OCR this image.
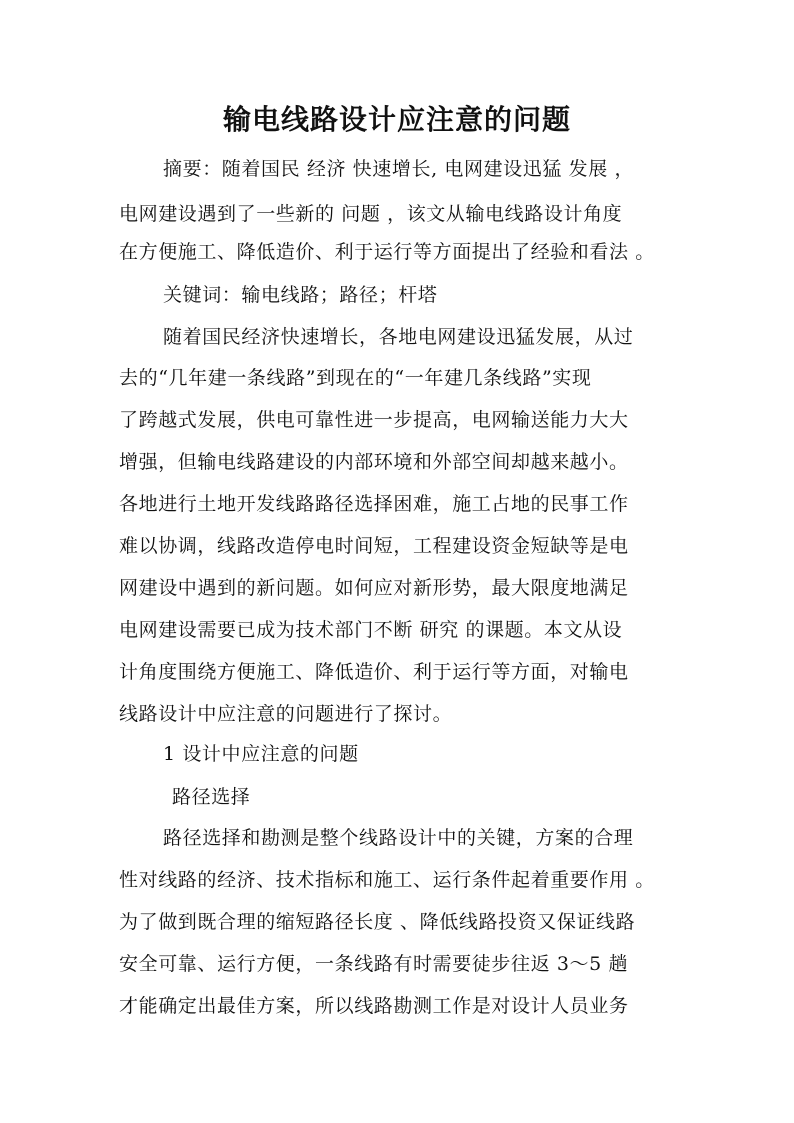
输电线路设计应注意的问题
摘要：随着国民 经济 快速增长, 电网建设迅猛 发展 ，
电网建设遇到了一些新的 问题 ，该文从输电线路设计角度
在方便施工、降低造价、利于运行等方面提出了经验和看法 。
关键词：输电线路；路径；杆塔
随着国民经济快速增长，各地电网建设迅猛发展，从过
去的“几年建一条线路”到现在的“一年建几条线路”实现
了跨越式发展，供电可靠性进一步提高，电网输送能力大大
增强，但输电线路建设的内部环境和外部空间却越来越小。
各地进行土地开发线路路径选择困难，施工占地的民事工作
难以协调，线路改造停电时间短，工程建设资金短缺等是电
网建设中遇到的新问题。如何应对新形势，最大限度地满足
电网建设需要已成为技术部门不断 研究 的课题。本文从设
计角度围绕方便施工、降低造价、利于运行等方面，对输电
线路设计中应注意的问题进行了探讨。
1 设计中应注意的问题
路径选择
路径选择和勘测是整个线路设计中的关键，方案的合理
性对线路的经济、技术指标和施工、运行条件起着重要作用 。
为了做到既合理的缩短路径长度 、降低线路投资又保证线路
安全可靠、运行方便，一条线路有时需要徒步往返 3～5 趟
才能确定出最佳方案，所以线路勘测工作是对设计人员业务
